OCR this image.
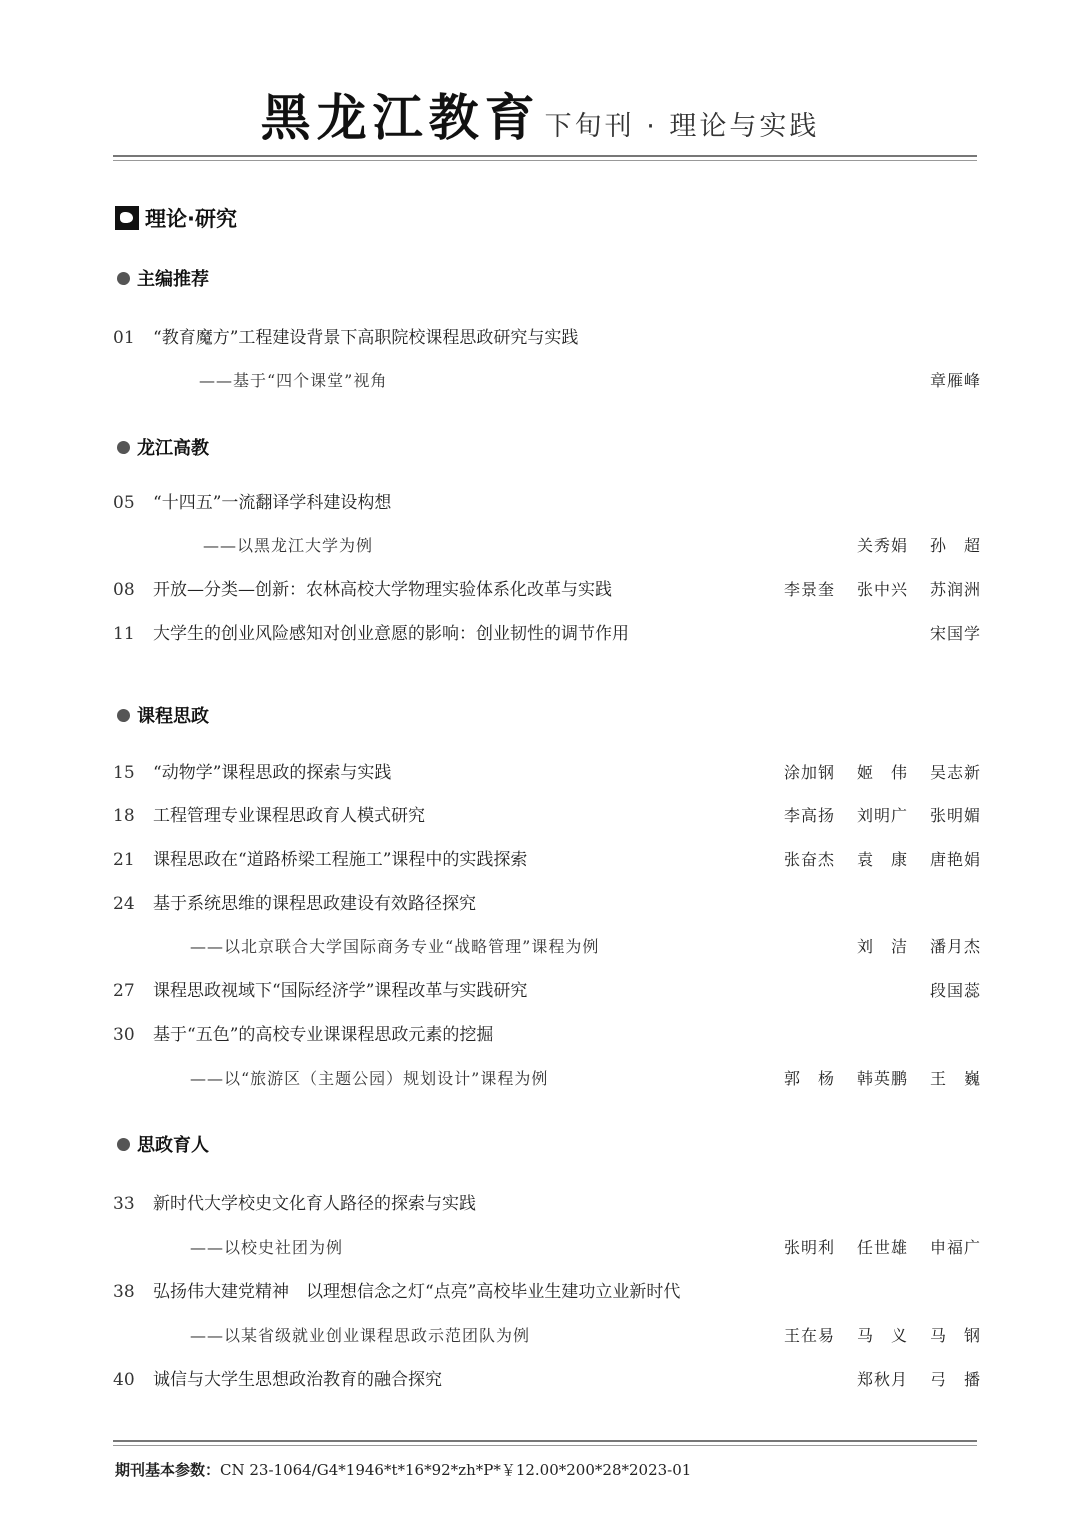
黑龙江教育 下旬刊 · 理论与实践
理论·研究
主编推荐
龙江高教
课程思政
思政育人
01	“教育魔方”工程建设背景下高职院校课程思政研究与实践
——基于“四个课堂”视角	章雁峰
05	“十四五”一流翻译学科建设构想
——以黑龙江大学为例	关秀娟 孙　超
08	开放—分类—创新：农林高校大学物理实验体系化改革与实践	李景奎 张中兴 苏润洲
11	大学生的创业风险感知对创业意愿的影响：创业韧性的调节作用	宋国学
15	“动物学”课程思政的探索与实践	涂加钢 姬　伟 吴志新
18	工程管理专业课程思政育人模式研究	李高扬 刘明广 张明媚
21	课程思政在“道路桥梁工程施工”课程中的实践探索	张奋杰 袁　康 唐艳娟
24	基于系统思维的课程思政建设有效路径探究
——以北京联合大学国际商务专业“战略管理”课程为例	刘　洁 潘月杰
27	课程思政视域下“国际经济学”课程改革与实践研究	段国蕊
30	基于“五色”的高校专业课课程思政元素的挖掘
——以“旅游区（主题公园）规划设计”课程为例	郭　杨 韩英鹏 王　巍
33	新时代大学校史文化育人路径的探索与实践
——以校史社团为例	张明利 任世雄 申福广
38	弘扬伟大建党精神　以理想信念之灯“点亮”高校毕业生建功立业新时代
——以某省级就业创业课程思政示范团队为例	王在易 马　义 马　钢
40	诚信与大学生思想政治教育的融合探究	郑秋月 弓　播
期刊基本参数：CN 23-1064/G4*1946*t*16*92*zh*P*￥12.00*200*28*2023-01
